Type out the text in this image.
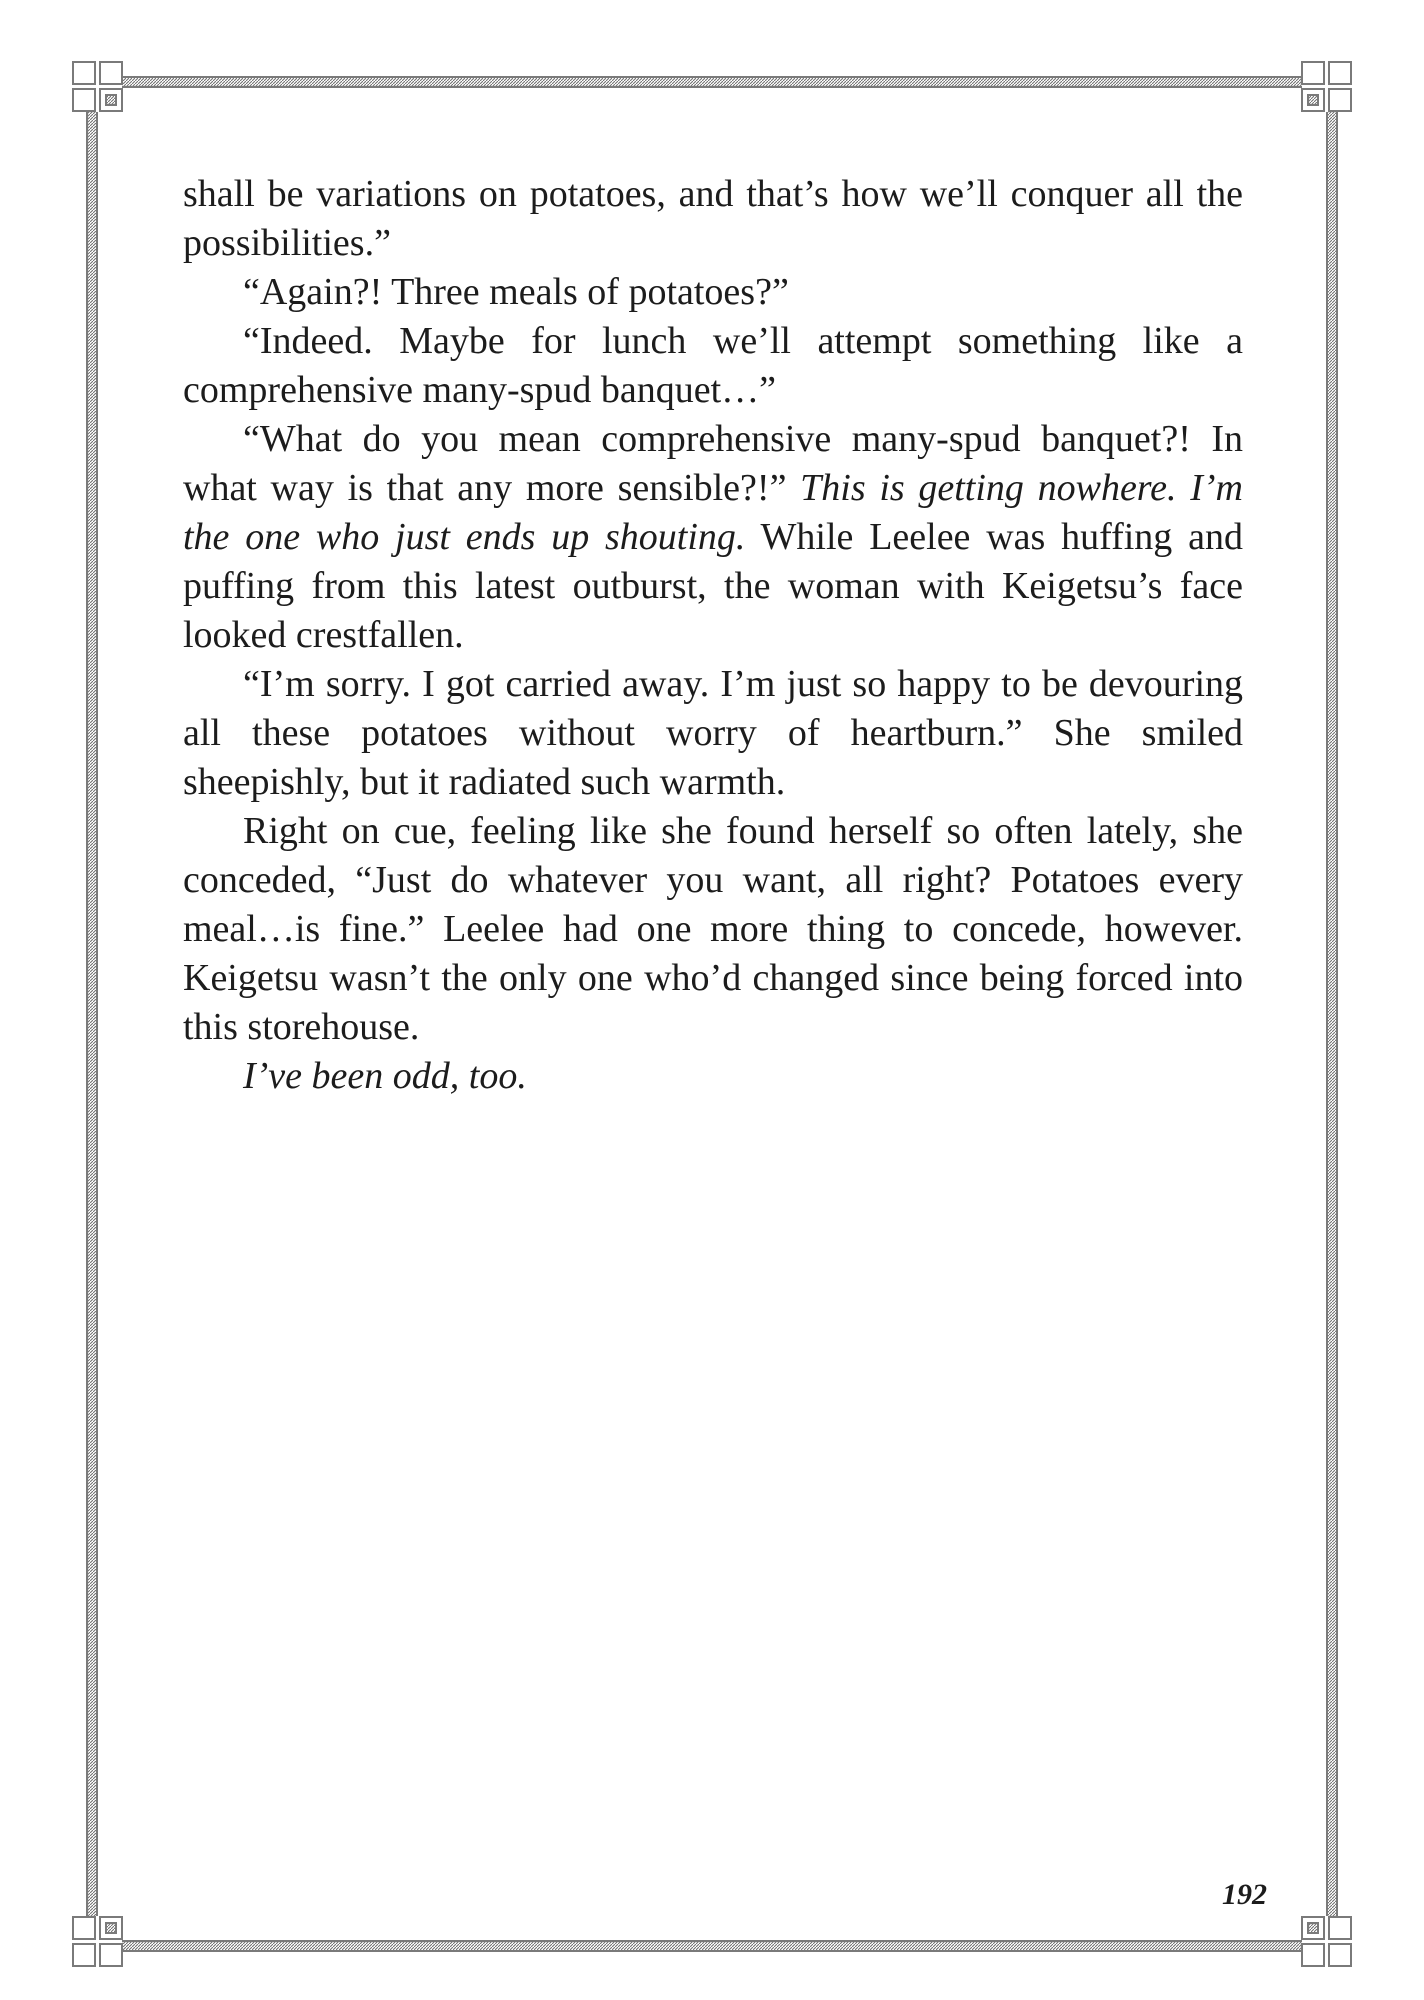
shall be variations on potatoes, and that’s how we’ll conquer all the possibilities.”

“Again?! Three meals of potatoes?”

“Indeed. Maybe for lunch we’ll attempt something like a comprehensive many-spud banquet…”

“What do you mean comprehensive many-spud banquet?! In what way is that any more sensible?!” This is getting nowhere. I’m the one who just ends up shouting. While Leelee was huffing and puffing from this latest outburst, the woman with Keigetsu’s face looked crestfallen.

“I’m sorry. I got carried away. I’m just so happy to be devouring all these potatoes without worry of heartburn.” She smiled sheepishly, but it radiated such warmth.

Right on cue, feeling like she found herself so often lately, she conceded, “Just do whatever you want, all right? Potatoes every meal…is fine.” Leelee had one more thing to concede, however. Keigetsu wasn’t the only one who’d changed since being forced into this storehouse.

I’ve been odd, too.

192
